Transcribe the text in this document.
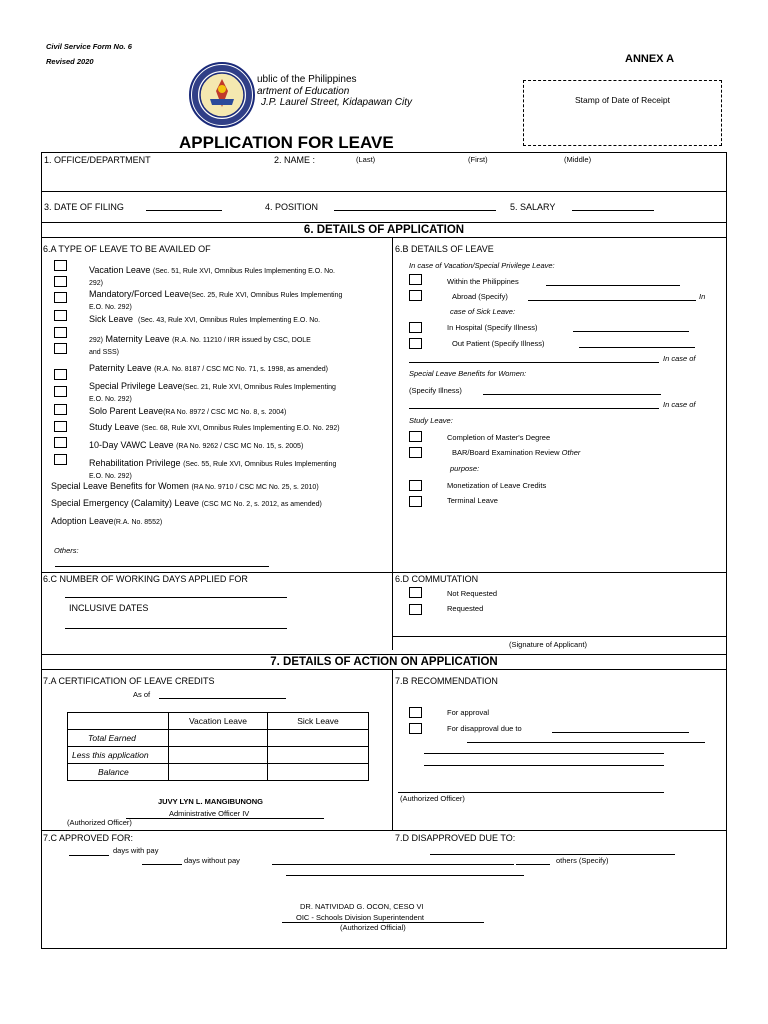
Civil Service Form No. 6
Revised 2020	ANNEX A
Stamp of Date of Receipt
ublic of the Philippines
artment of Education
J.P. Laurel Street, Kidapawan City
APPLICATION FOR LEAVE
1. OFFICE/DEPARTMENT	2. NAME :	(Last)	(First)	(Middle)
3. DATE OF FILING	4. POSITION	5. SALARY
6. DETAILS OF APPLICATION
6.A TYPE OF LEAVE TO BE AVAILED OF	6.B DETAILS OF LEAVE
Vacation Leave (Sec. 51, Rule XVI, Omnibus Rules Implementing E.O. No.
292)
Mandatory/Forced Leave(Sec. 25, Rule XVI, Omnibus Rules Implementing
E.O. No. 292)
Sick Leave (Sec. 43, Rule XVI, Omnibus Rules Implementing E.O. No.
292) Maternity Leave (R.A. No. 11210 / IRR issued by CSC, DOLE
and SSS)
Paternity Leave (R.A. No. 8187 / CSC MC No. 71, s. 1998, as amended)
Special Privilege Leave(Sec. 21, Rule XVI, Omnibus Rules Implementing
E.O. No. 292)
Solo Parent Leave(RA No. 8972 / CSC MC No. 8, s. 2004)
Study Leave (Sec. 68, Rule XVI, Omnibus Rules Implementing E.O. No. 292)
10-Day VAWC Leave (RA No. 9262 / CSC MC No. 15, s. 2005)
Rehabilitation Privilege (Sec. 55, Rule XVI, Omnibus Rules Implementing
E.O. No. 292)
Special Leave Benefits for Women (RA No. 9710 / CSC MC No. 25, s. 2010)
Special Emergency (Calamity) Leave (CSC MC No. 2, s. 2012, as amended)
Adoption Leave(R.A. No. 8552)
Others:
In case of Vacation/Special Privilege Leave:
Within the Philippines
Abroad (Specify)	In
case of Sick Leave:
In Hospital (Specify Illness)
Out Patient (Specify Illness)
In case of
Special Leave Benefits for Women:
(Specify Illness)
In case of
Study Leave:
Completion of Master's Degree
BAR/Board Examination Review Other
purpose:
Monetization of Leave Credits
Terminal Leave
6.C NUMBER OF WORKING DAYS APPLIED FOR
INCLUSIVE DATES
6.D COMMUTATION
Not Requested
Requested
(Signature of Applicant)
7. DETAILS OF ACTION ON APPLICATION
7.A CERTIFICATION OF LEAVE CREDITS
As of
	Vacation Leave	Sick Leave
Total Earned		
Less this application		
Balance		
JUVY LYN L. MANGIBUNONG
Administrative Officer IV
(Authorized Officer)
7.B RECOMMENDATION
For approval
For disapproval due to
(Authorized Officer)
7.C APPROVED FOR:
days with pay
days without pay	others (Specify)
7.D DISAPPROVED DUE TO:
DR. NATIVIDAD G. OCON, CESO VI
OIC - Schools Division Superintendent
(Authorized Official)
